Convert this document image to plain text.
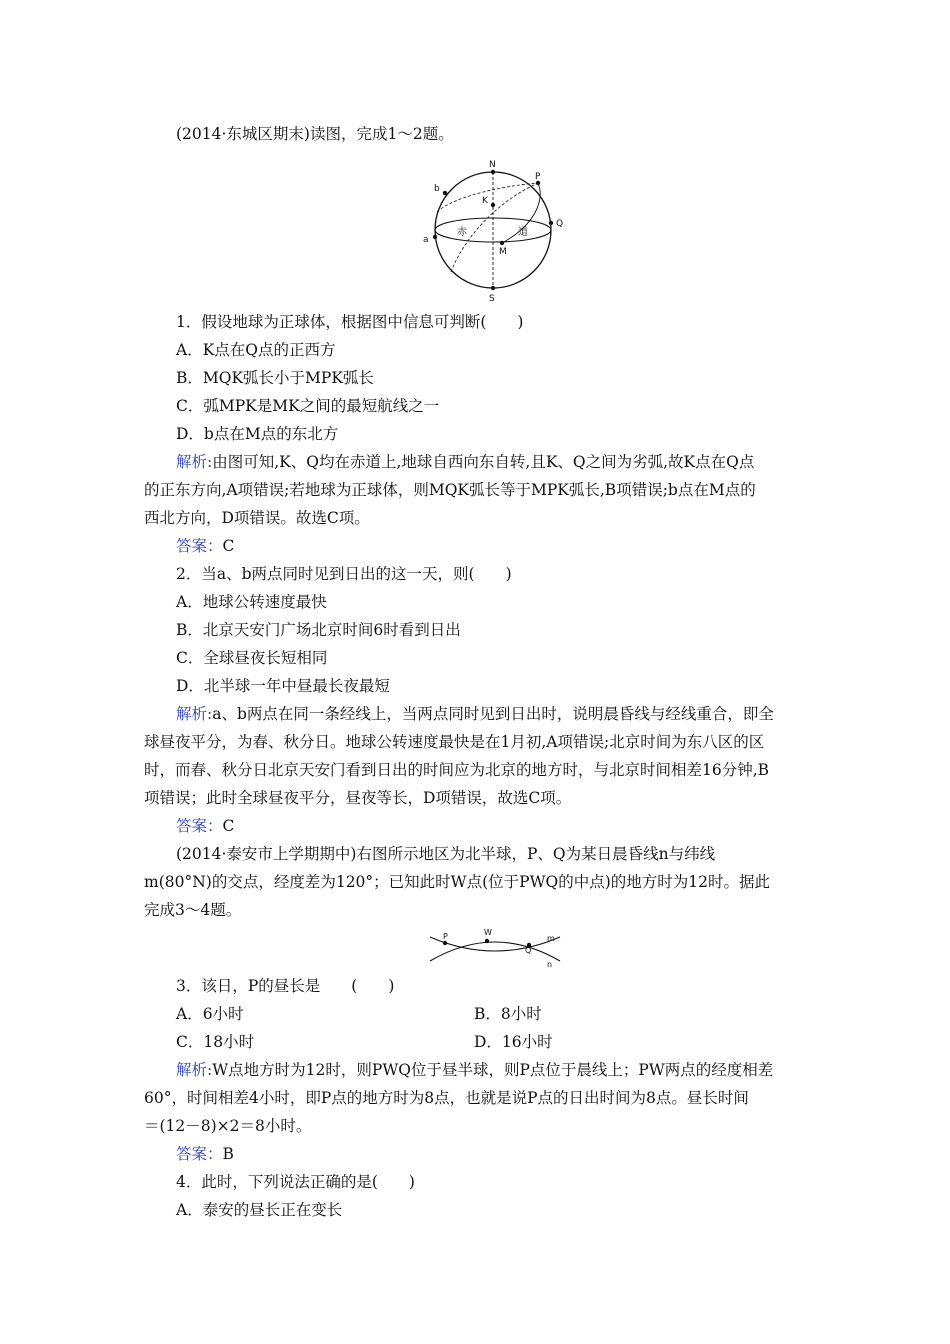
(2014·东城区期末)读图，完成1～2题。
N
S
P
Q
K
M
a
b
赤	道
1．假设地球为正球体，根据图中信息可判断(　　)
A．K点在Q点的正西方
B．MQK弧长小于MPK弧长
C．弧MPK是MK之间的最短航线之一
D．b点在M点的东北方
解析:由图可知,K、Q均在赤道上,地球自西向东自转,且K、Q之间为劣弧,故K点在Q点
的正东方向,A项错误;若地球为正球体，则MQK弧长等于MPK弧长,B项错误;b点在M点的
西北方向，D项错误。故选C项。
答案：C
2．当a、b两点同时见到日出的这一天，则(　　)
A．地球公转速度最快
B．北京天安门广场北京时间6时看到日出
C．全球昼夜长短相同
D．北半球一年中昼最长夜最短
解析:a、b两点在同一条经线上，当两点同时见到日出时，说明晨昏线与经线重合，即全
球昼夜平分，为春、秋分日。地球公转速度最快是在1月初,A项错误;北京时间为东八区的区
时，而春、秋分日北京天安门看到日出的时间应为北京的地方时，与北京时间相差16分钟,B
项错误；此时全球昼夜平分，昼夜等长，D项错误，故选C项。
答案：C
(2014·泰安市上学期期中)右图所示地区为北半球，P、Q为某日晨昏线n与纬线
m(80°N)的交点，经度差为120°；已知此时W点(位于PWQ的中点)的地方时为12时。据此
完成3～4题。
P	W
Q
m
n
3．该日，P的昼长是　　(　　)
A．6小时	B．8小时
C．18小时	D．16小时
解析:W点地方时为12时，则PWQ位于昼半球，则P点位于晨线上；PW两点的经度相差
60°，时间相差4小时，即P点的地方时为8点，也就是说P点的日出时间为8点。昼长时间
＝(12－8)×2＝8小时。
答案：B
4．此时，下列说法正确的是(　　)
A．泰安的昼长正在变长
